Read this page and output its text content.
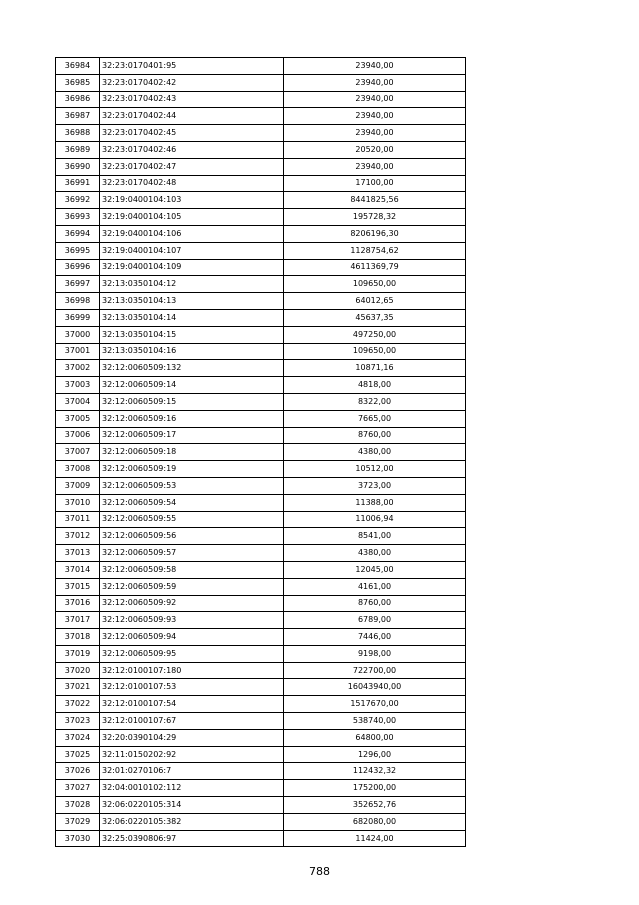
36984	32:23:0170401:95	23940,00
36985	32:23:0170402:42	23940,00
36986	32:23:0170402:43	23940,00
36987	32:23:0170402:44	23940,00
36988	32:23:0170402:45	23940,00
36989	32:23:0170402:46	20520,00
36990	32:23:0170402:47	23940,00
36991	32:23:0170402:48	17100,00
36992	32:19:0400104:103	8441825,56
36993	32:19:0400104:105	195728,32
36994	32:19:0400104:106	8206196,30
36995	32:19:0400104:107	1128754,62
36996	32:19:0400104:109	4611369,79
36997	32:13:0350104:12	109650,00
36998	32:13:0350104:13	64012,65
36999	32:13:0350104:14	45637,35
37000	32:13:0350104:15	497250,00
37001	32:13:0350104:16	109650,00
37002	32:12:0060509:132	10871,16
37003	32:12:0060509:14	4818,00
37004	32:12:0060509:15	8322,00
37005	32:12:0060509:16	7665,00
37006	32:12:0060509:17	8760,00
37007	32:12:0060509:18	4380,00
37008	32:12:0060509:19	10512,00
37009	32:12:0060509:53	3723,00
37010	32:12:0060509:54	11388,00
37011	32:12:0060509:55	11006,94
37012	32:12:0060509:56	8541,00
37013	32:12:0060509:57	4380,00
37014	32:12:0060509:58	12045,00
37015	32:12:0060509:59	4161,00
37016	32:12:0060509:92	8760,00
37017	32:12:0060509:93	6789,00
37018	32:12:0060509:94	7446,00
37019	32:12:0060509:95	9198,00
37020	32:12:0100107:180	722700,00
37021	32:12:0100107:53	16043940,00
37022	32:12:0100107:54	1517670,00
37023	32:12:0100107:67	538740,00
37024	32:20:0390104:29	64800,00
37025	32:11:0150202:92	1296,00
37026	32:01:0270106:7	112432,32
37027	32:04:0010102:112	175200,00
37028	32:06:0220105:314	352652,76
37029	32:06:0220105:382	682080,00
37030	32:25:0390806:97	11424,00
788
